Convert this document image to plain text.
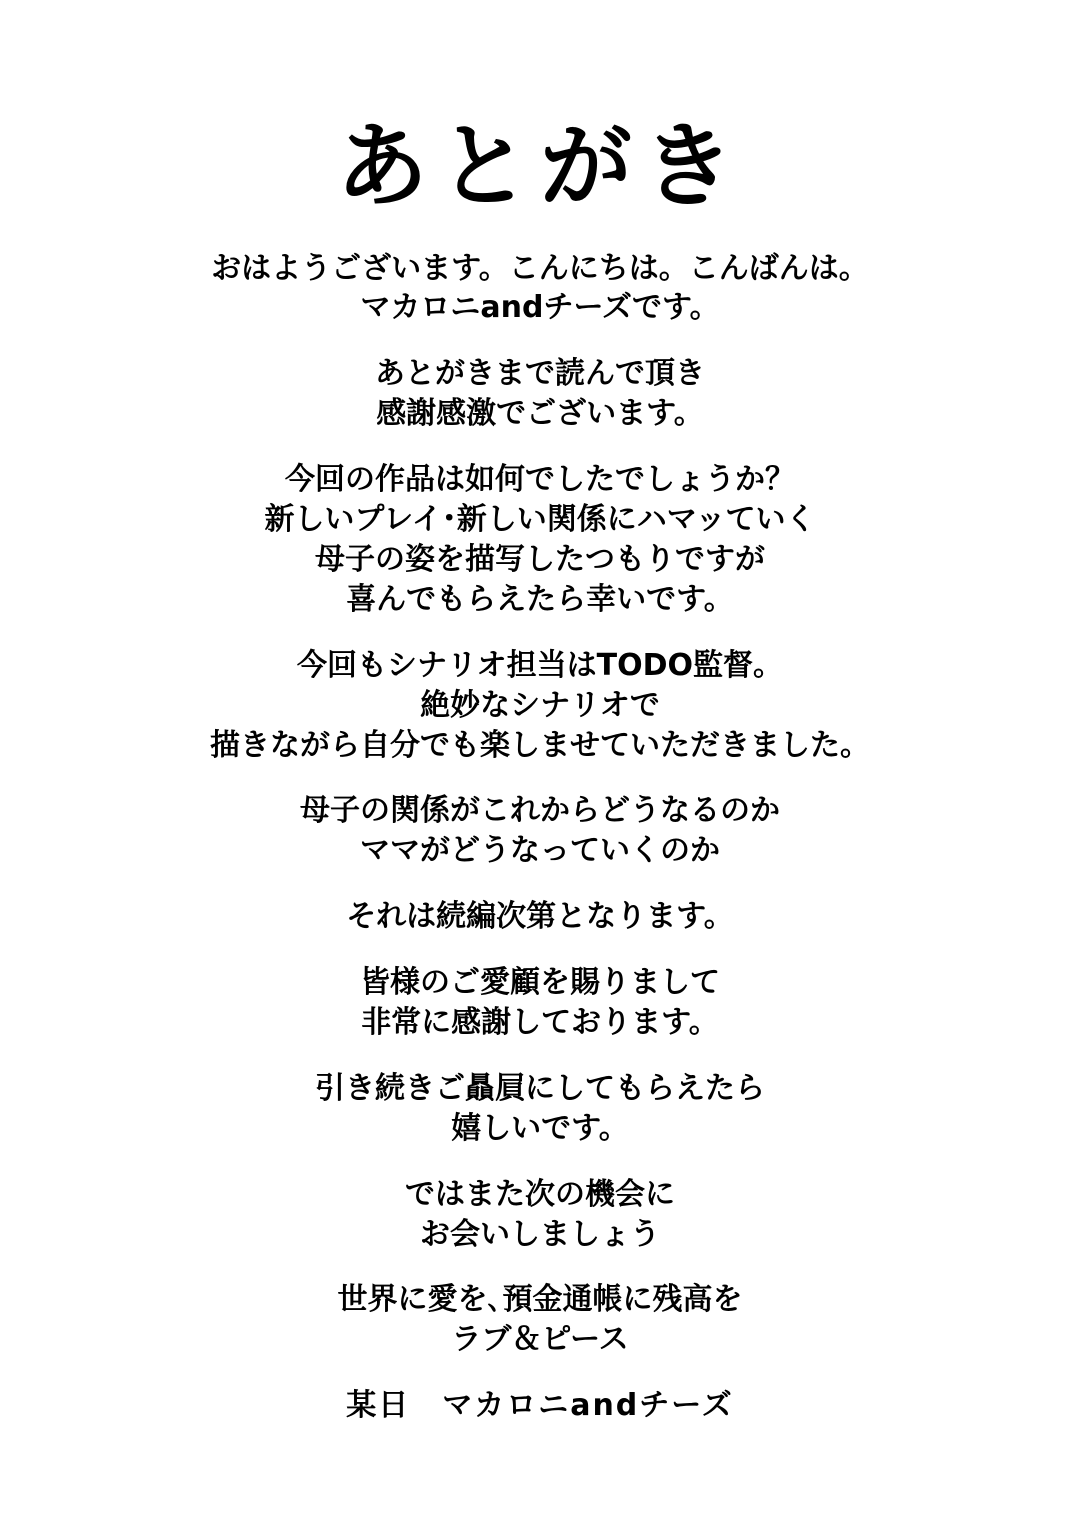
あとがき
おはようございます。こんにちは。こんばんは。
マカロニandチーズです。
あとがきまで読んで頂き
感謝感激でございます。
今回の作品は如何でしたでしょうか？
新しいプレイ･新しい関係にハマッていく
母子の姿を描写したつもりですが
喜んでもらえたら幸いです。
今回もシナリオ担当はTODO監督。
絶妙なシナリオで
描きながら自分でも楽しませていただきました。
母子の関係がこれからどうなるのか
ママがどうなっていくのか
それは続編次第となります。
皆様のご愛顧を賜りまして
非常に感謝しております。
引き続きご贔屓にしてもらえたら
嬉しいです。
ではまた次の機会に
お会いしましょう
世界に愛を､預金通帳に残高を
ラブ＆ピース
某日　マカロニandチーズ
